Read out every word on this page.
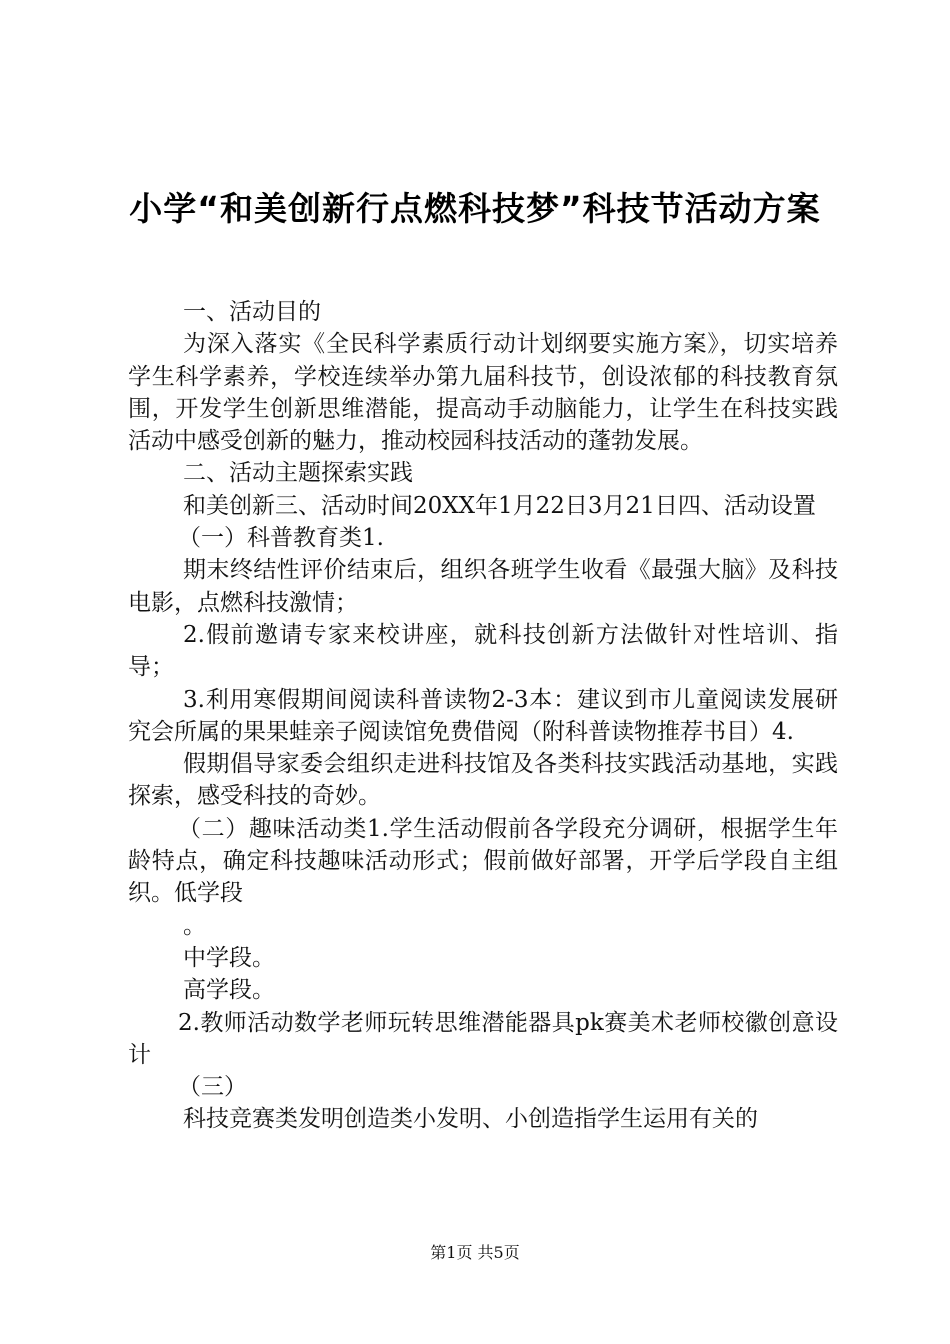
小学“和美创新行点燃科技梦”科技节活动方案

一、活动目的

为深入落实《全民科学素质行动计划纲要实施方案》，切实培养学生科学素养，学校连续举办第九届科技节，创设浓郁的科技教育氛围，开发学生创新思维潜能，提高动手动脑能力，让学生在科技实践活动中感受创新的魅力，推动校园科技活动的蓬勃发展。

二、活动主题探索实践

和美创新三、活动时间20XX年1月22日3月21日四、活动设置

（一）科普教育类1.

期末终结性评价结束后，组织各班学生收看《最强大脑》及科技电影，点燃科技激情；

2.假前邀请专家来校讲座，就科技创新方法做针对性培训、指导；

3.利用寒假期间阅读科普读物2-3本：建议到市儿童阅读发展研究会所属的果果蛙亲子阅读馆免费借阅（附科普读物推荐书目）4.

假期倡导家委会组织走进科技馆及各类科技实践活动基地，实践探索，感受科技的奇妙。

（二）趣味活动类1.学生活动假前各学段充分调研，根据学生年龄特点，确定科技趣味活动形式；假前做好部署，开学后学段自主组织。低学段

。

中学段。

高学段。

2.教师活动数学老师玩转思维潜能器具pk赛美术老师校徽创意设计

（三）

科技竞赛类发明创造类小发明、小创造指学生运用有关的

第1页 共5页
